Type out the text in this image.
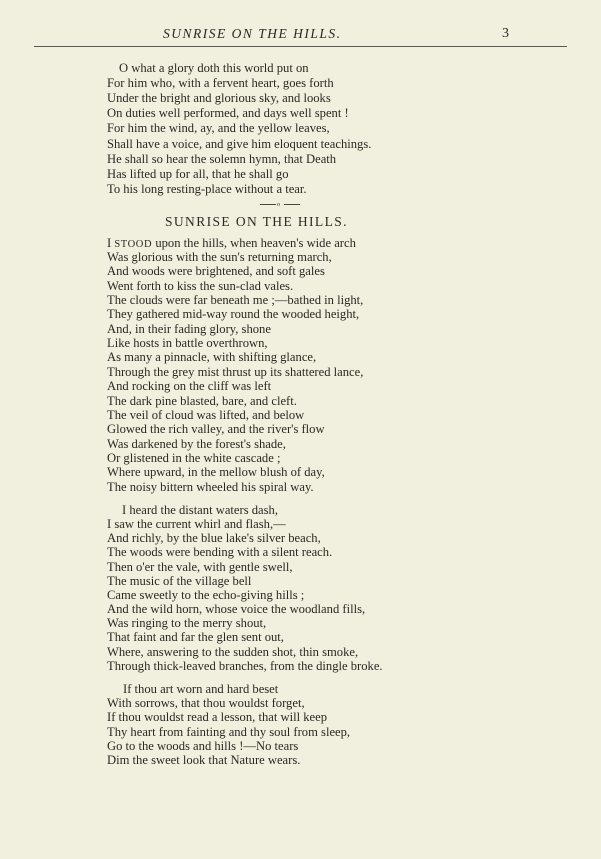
SUNRISE ON THE HILLS.	3
O what a glory doth this world put on
For him who, with a fervent heart, goes forth
Under the bright and glorious sky, and looks
On duties well performed, and days well spent !
For him the wind, ay, and the yellow leaves,
Shall have a voice, and give him eloquent teachings.
He shall so hear the solemn hymn, that Death
Has lifted up for all, that he shall go
To his long resting-place without a tear.
o
SUNRISE ON THE HILLS.
I STOOD upon the hills, when heaven's wide arch
Was glorious with the sun's returning march,
And woods were brightened, and soft gales
Went forth to kiss the sun-clad vales.
The clouds were far beneath me ;—bathed in light,
They gathered mid-way round the wooded height,
And, in their fading glory, shone
Like hosts in battle overthrown,
As many a pinnacle, with shifting glance,
Through the grey mist thrust up its shattered lance,
And rocking on the cliff was left
The dark pine blasted, bare, and cleft.
The veil of cloud was lifted, and below
Glowed the rich valley, and the river's flow
Was darkened by the forest's shade,
Or glistened in the white cascade ;
Where upward, in the mellow blush of day,
The noisy bittern wheeled his spiral way.
I heard the distant waters dash,
I saw the current whirl and flash,—
And richly, by the blue lake's silver beach,
The woods were bending with a silent reach.
Then o'er the vale, with gentle swell,
The music of the village bell
Came sweetly to the echo-giving hills ;
And the wild horn, whose voice the woodland fills,
Was ringing to the merry shout,
That faint and far the glen sent out,
Where, answering to the sudden shot, thin smoke,
Through thick-leaved branches, from the dingle broke.
If thou art worn and hard beset
With sorrows, that thou wouldst forget,
If thou wouldst read a lesson, that will keep
Thy heart from fainting and thy soul from sleep,
Go to the woods and hills !—No tears
Dim the sweet look that Nature wears.
